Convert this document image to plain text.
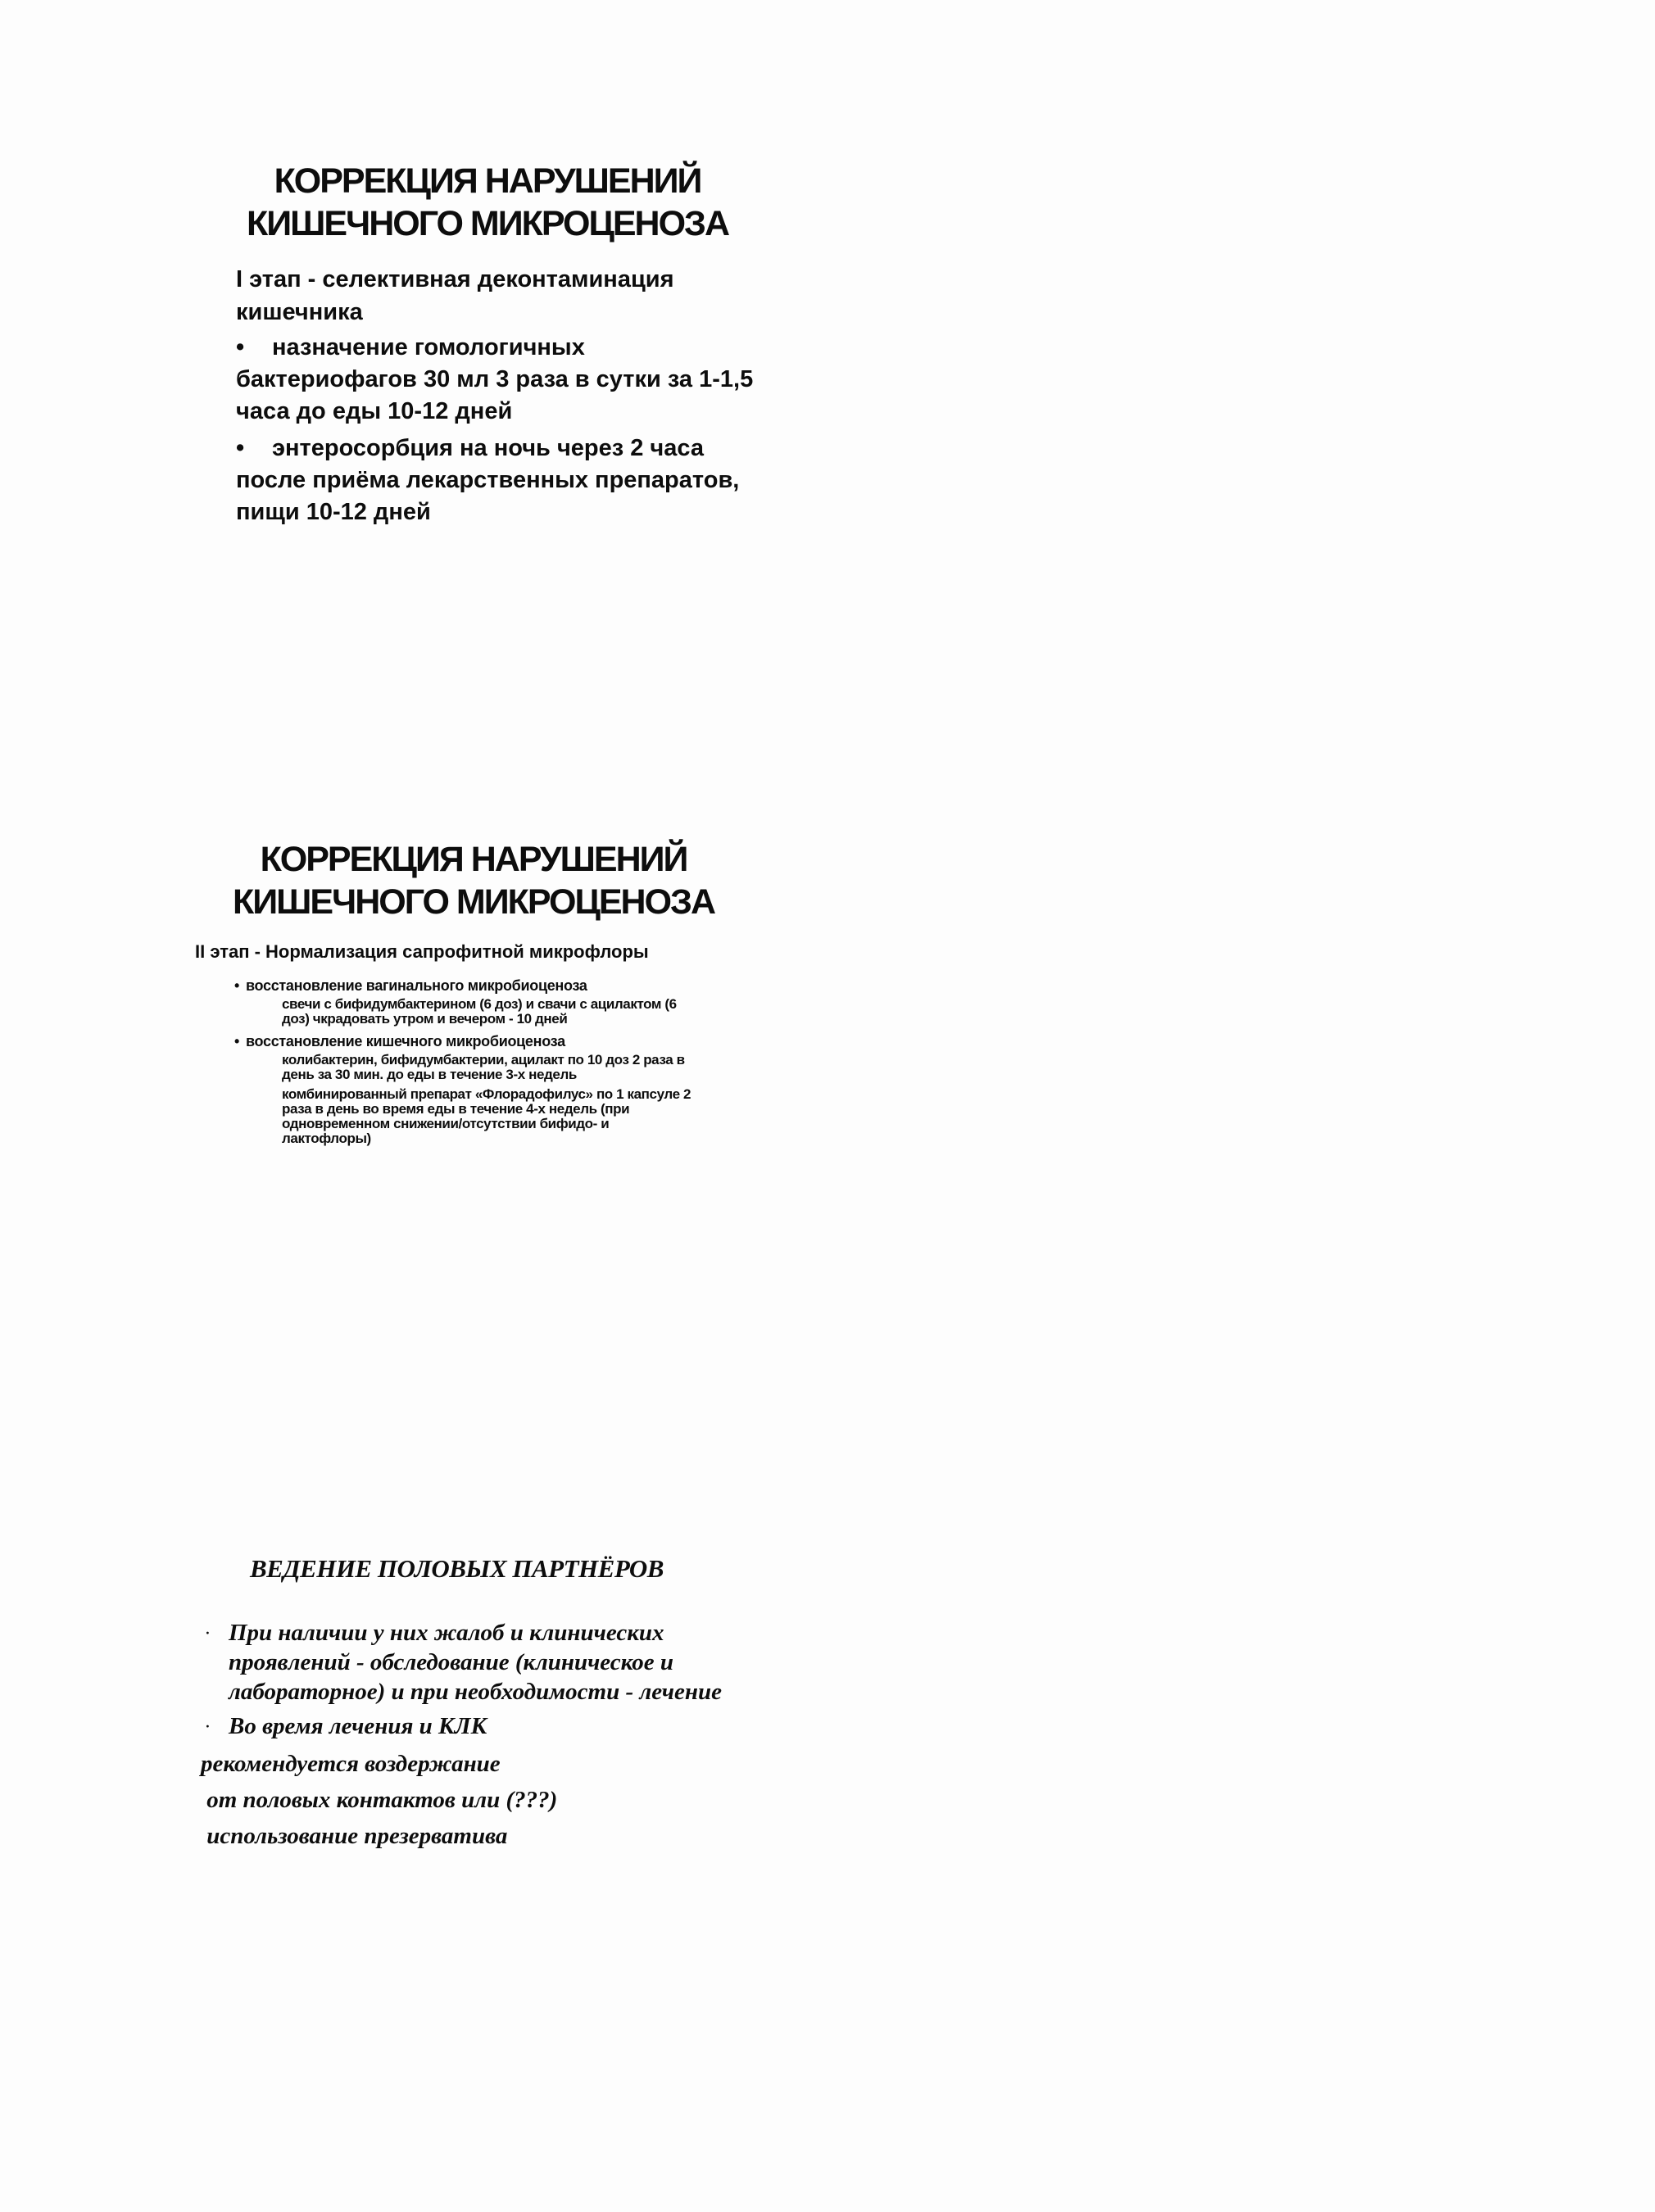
КОРРЕКЦИЯ НАРУШЕНИЙ
КИШЕЧНОГО МИКРОЦЕНОЗА
I этап - селективная деконтаминация кишечника
• назначение гомологичных бактериофагов 30 мл 3 раза в сутки за 1-1,5 часа до еды 10-12 дней
• энтеросорбция на ночь через 2 часа после приёма лекарственных препаратов, пищи 10-12 дней
КОРРЕКЦИЯ НАРУШЕНИЙ
КИШЕЧНОГО МИКРОЦЕНОЗА
II этап - Нормализация сапрофитной микрофлоры
• восстановление вагинального микробиоценоза
свечи с бифидумбактерином (6 доз) и свачи с ацилактом (6 доз) чкрадовать утром и вечером - 10 дней
• восстановление кишечного микробиоценоза
колибактерин, бифидумбактерии, ацилакт по 10 доз 2 раза в день за 30 мин. до еды в течение 3-х недель
комбинированный препарат «Флорадофилус» по 1 капсуле 2 раза в день во время еды в течение 4-х недель (при одновременном снижении/отсутствии бифидо- и лактофлоры)
ВЕДЕНИЕ ПОЛОВЫХ ПАРТНЁРОВ
· При наличии у них жалоб и клинических проявлений - обследование (клиническое и лабораторное) и при необходимости - лечение
· Во время лечения и КЛК
рекомендуется воздержание
от половых контактов или (???)
использование презерватива
